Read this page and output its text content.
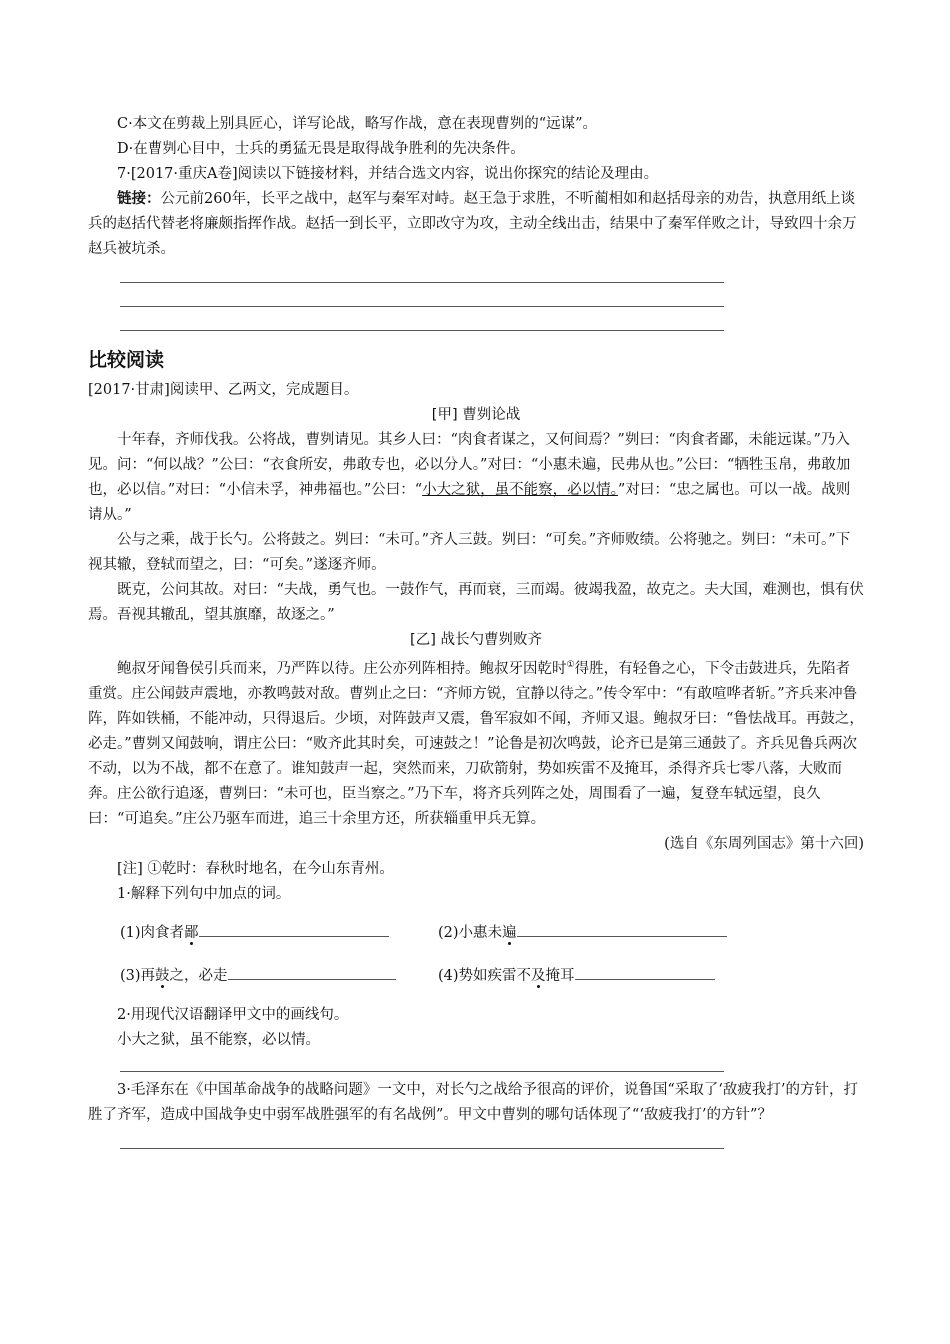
C·本文在剪裁上别具匠心，详写论战，略写作战，意在表现曹刿的“远谋”。

D·在曹刿心目中，士兵的勇猛无畏是取得战争胜利的先决条件。

7·[2017·重庆A卷]阅读以下链接材料，并结合选文内容，说出你探究的结论及理由。

链接：公元前260年，长平之战中，赵军与秦军对峙。赵王急于求胜，不听蔺相如和赵括母亲的劝告，执意用纸上谈兵的赵括代替老将廉颇指挥作战。赵括一到长平，立即改守为攻，主动全线出击，结果中了秦军佯败之计，导致四十余万赵兵被坑杀。

比较阅读

[2017·甘肃]阅读甲、乙两文，完成题目。

[甲] 曹刿论战

十年春，齐师伐我。公将战，曹刿请见。其乡人曰：“肉食者谋之，又何间焉？”刿曰：“肉食者鄙，未能远谋。”乃入见。问：“何以战？”公曰：“衣食所安，弗敢专也，必以分人。”对曰：“小惠未遍，民弗从也。”公曰：“牺牲玉帛，弗敢加也，必以信。”对曰：“小信未孚，神弗福也。”公曰：“小大之狱，虽不能察，必以情。”对曰：“忠之属也。可以一战。战则请从。”

公与之乘，战于长勺。公将鼓之。刿曰：“未可。”齐人三鼓。刿曰：“可矣。”齐师败绩。公将驰之。刿曰：“未可。”下视其辙，登轼而望之，曰：“可矣。”遂逐齐师。

既克，公问其故。对曰：“夫战，勇气也。一鼓作气，再而衰，三而竭。彼竭我盈，故克之。夫大国，难测也，惧有伏焉。吾视其辙乱，望其旗靡，故逐之。”

[乙] 战长勺曹刿败齐

鲍叔牙闻鲁侯引兵而来，乃严阵以待。庄公亦列阵相持。鲍叔牙因乾时①得胜，有轻鲁之心，下令击鼓进兵，先陷者重赏。庄公闻鼓声震地，亦教鸣鼓对敌。曹刿止之曰：“齐师方锐，宜静以待之。”传令军中：“有敢喧哗者斩。”齐兵来冲鲁阵，阵如铁桶，不能冲动，只得退后。少顷，对阵鼓声又震，鲁军寂如不闻，齐师又退。鲍叔牙曰：“鲁怯战耳。再鼓之，必走。”曹刿又闻鼓响，谓庄公曰：“败齐此其时矣，可速鼓之！”论鲁是初次鸣鼓，论齐已是第三通鼓了。齐兵见鲁兵两次不动，以为不战，都不在意了。谁知鼓声一起，突然而来，刀砍箭射，势如疾雷不及掩耳，杀得齐兵七零八落，大败而奔。庄公欲行追逐，曹刿曰：“未可也，臣当察之。”乃下车，将齐兵列阵之处，周围看了一遍，复登车轼远望，良久曰：“可追矣。”庄公乃驱车而进，追三十余里方还，所获辎重甲兵无算。

(选自《东周列国志》第十六回)

[注] ①乾时：春秋时地名，在今山东青州。

1·解释下列句中加点的词。

(1)肉食者鄙	(2)小惠未遍
(3)再鼓之，必走	(4)势如疾雷不及掩耳

2·用现代汉语翻译甲文中的画线句。

小大之狱，虽不能察，必以情。

3·毛泽东在《中国革命战争的战略问题》一文中，对长勺之战给予很高的评价，说鲁国“采取了‘敌疲我打’的方针，打胜了齐军，造成中国战争史中弱军战胜强军的有名战例”。甲文中曹刿的哪句话体现了“‘敌疲我打’的方针”？
